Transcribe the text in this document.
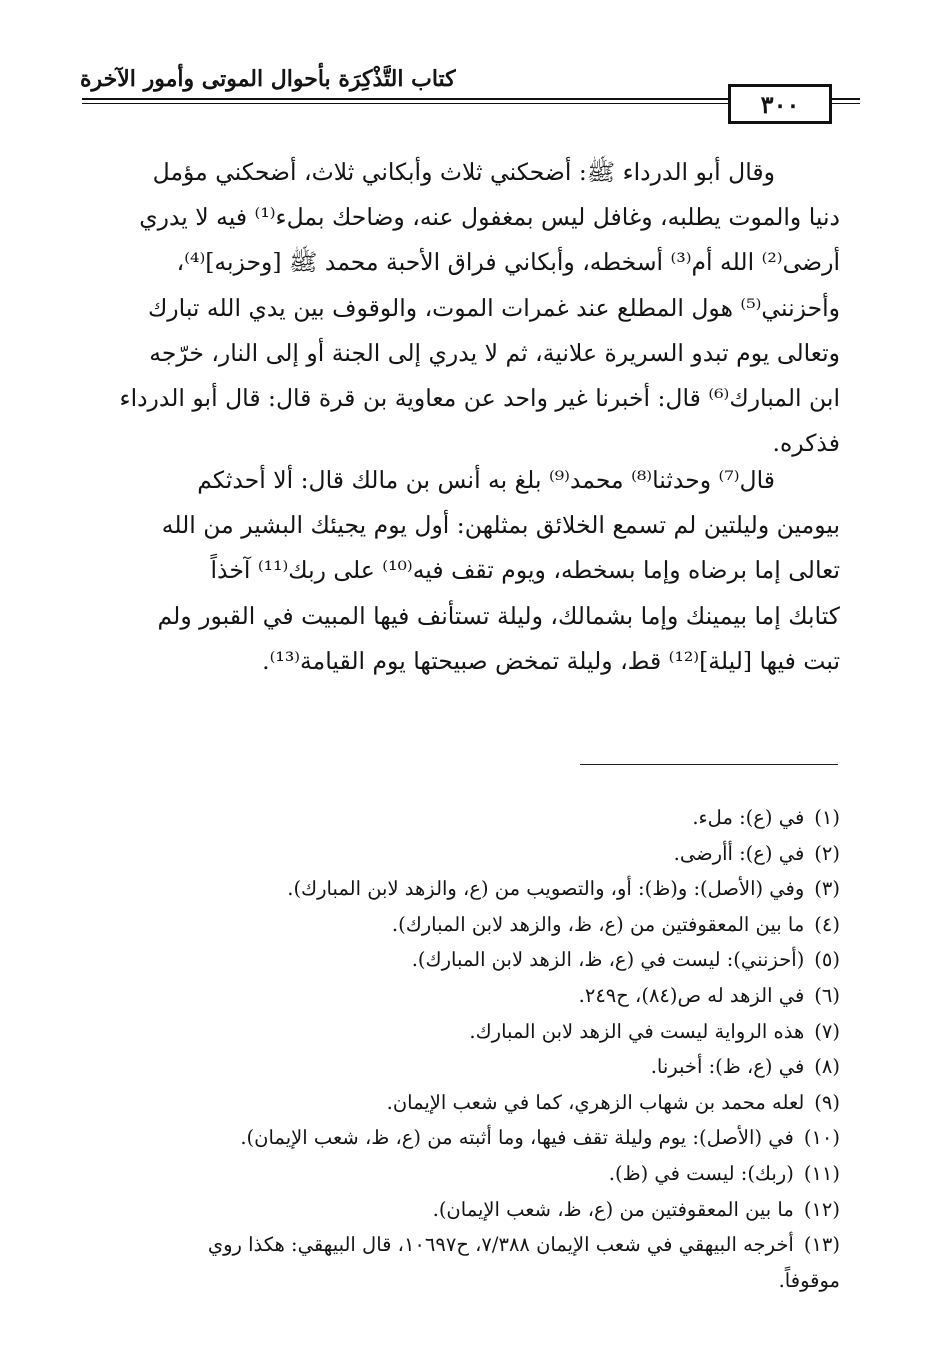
كتاب التَّذْكِرَة بأحوال الموتى وأمور الآخرة
٣٠٠
وقال أبو الدرداء ﷺ: أضحكني ثلاث وأبكاني ثلاث، أضحكني مؤمل
دنيا والموت يطلبه، وغافل ليس بمغفول عنه، وضاحك بملء⁽¹⁾ فيه لا يدري
أرضى⁽²⁾ الله أم⁽³⁾ أسخطه، وأبكاني فراق الأحبة محمد ﷺ [وحزبه]⁽⁴⁾،
وأحزنني⁽⁵⁾ هول المطلع عند غمرات الموت، والوقوف بين يدي الله تبارك
وتعالى يوم تبدو السريرة علانية، ثم لا يدري إلى الجنة أو إلى النار، خرّجه
ابن المبارك⁽⁶⁾ قال: أخبرنا غير واحد عن معاوية بن قرة قال: قال أبو الدرداء
فذكره.
قال⁽⁷⁾ وحدثنا⁽⁸⁾ محمد⁽⁹⁾ بلغ به أنس بن مالك قال: ألا أحدثكم
بيومين وليلتين لم تسمع الخلائق بمثلهن: أول يوم يجيئك البشير من الله
تعالى إما برضاه وإما بسخطه، ويوم تقف فيه⁽¹⁰⁾ على ربك⁽¹¹⁾ آخذاً
كتابك إما بيمينك وإما بشمالك، وليلة تستأنف فيها المبيت في القبور ولم
تبت فيها [ليلة]⁽¹²⁾ قط، وليلة تمخض صبيحتها يوم القيامة⁽¹³⁾.
(١)في (ع): ملء.
(٢)في (ع): أأرضى.
(٣)وفي (الأصل): و(ظ): أو، والتصويب من (ع، والزهد لابن المبارك).
(٤)ما بين المعقوفتين من (ع، ظ، والزهد لابن المبارك).
(٥)(أحزنني): ليست في (ع، ظ، الزهد لابن المبارك).
(٦)في الزهد له ص(٨٤)، ح٢٤٩.
(٧)هذه الرواية ليست في الزهد لابن المبارك.
(٨)في (ع، ظ): أخبرنا.
(٩)لعله محمد بن شهاب الزهري، كما في شعب الإيمان.
(١٠)في (الأصل): يوم وليلة تقف فيها، وما أثبته من (ع، ظ، شعب الإيمان).
(١١)(ربك): ليست في (ظ).
(١٢)ما بين المعقوفتين من (ع، ظ، شعب الإيمان).
(١٣)أخرجه البيهقي في شعب الإيمان ٧/٣٨٨، ح١٠٦٩٧، قال البيهقي: هكذا روي
موقوفاً.
